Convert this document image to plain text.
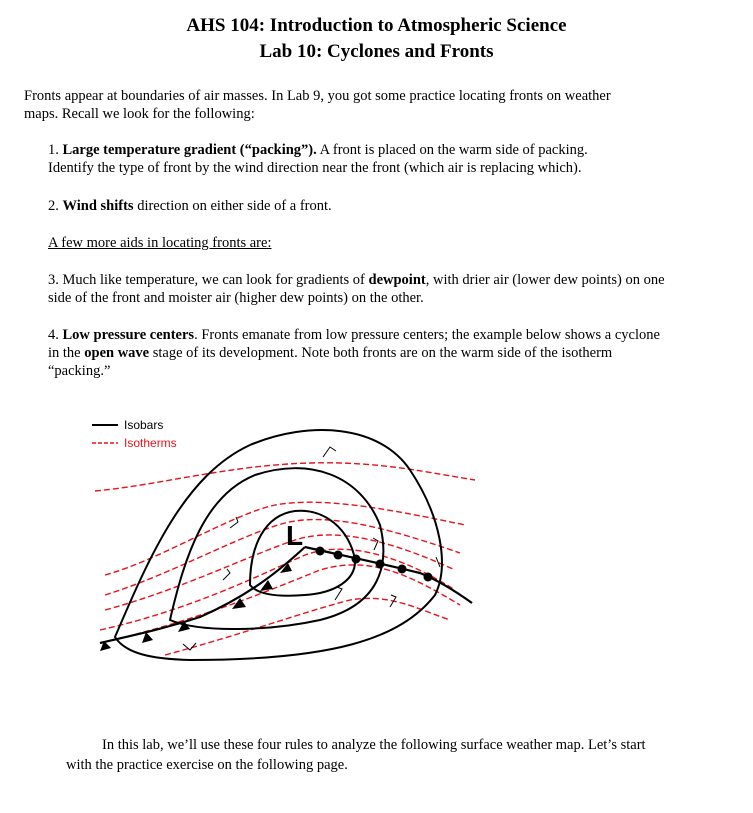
AHS 104: Introduction to Atmospheric Science
Lab 10: Cyclones and Fronts

Fronts appear at boundaries of air masses. In Lab 9, you got some practice locating fronts on weather

maps. Recall we look for the following:

1. Large temperature gradient (“packing”). A front is placed on the warm side of packing.

Identify the type of front by the wind direction near the front (which air is replacing which).

2. Wind shifts direction on either side of a front.

A few more aids in locating fronts are:

3. Much like temperature, we can look for gradients of dewpoint, with drier air (lower dew points) on one

side of the front and moister air (higher dew points) on the other.

4. Low pressure centers. Fronts emanate from low pressure centers; the example below shows a cyclone

in the open wave stage of its development. Note both fronts are on the warm side of the isotherm

“packing.”

Isobars
Isotherms
L

In this lab, we’ll use these four rules to analyze the following surface weather map. Let’s start

with the practice exercise on the following page.
